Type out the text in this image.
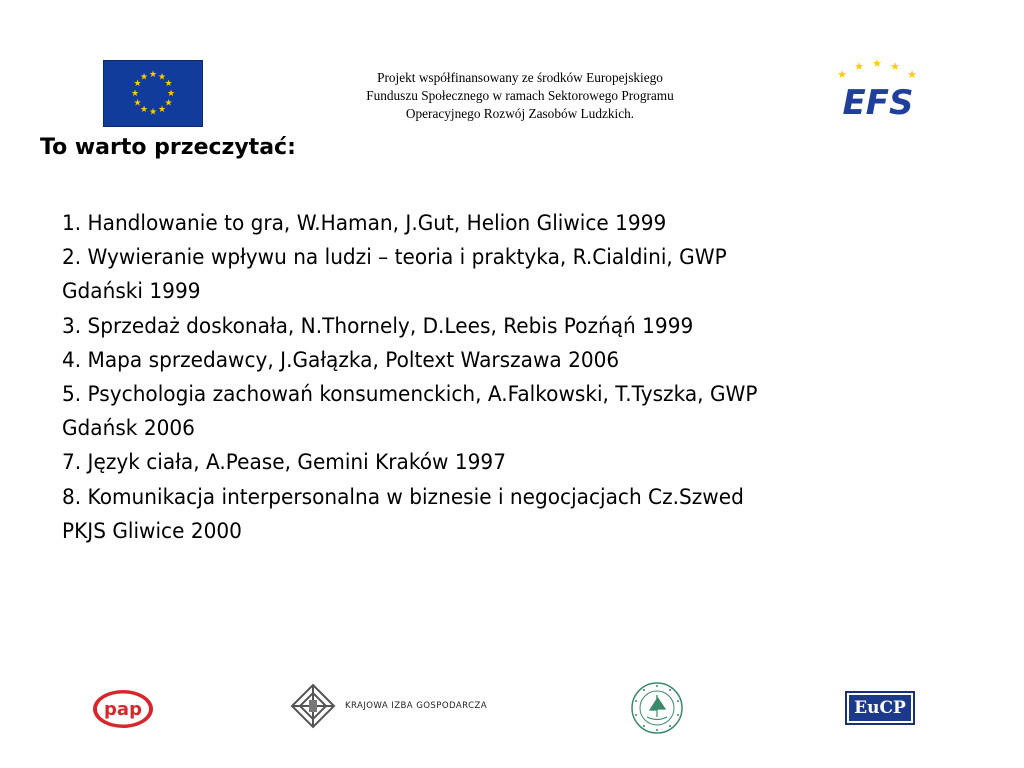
★ ★
★
★
★
★
★
★
★
★
★
★	Projekt współfinansowany ze środków Europejskiego
Funduszu Społecznego w ramach Sektorowego Programu
Operacyjnego Rozwój Zasobów Ludzkich.
★
★ ★ ★
★
EFS
To warto przeczytać:
1. Handlowanie to gra, W.Haman, J.Gut, Helion Gliwice 1999
2. Wywieranie wpływu na ludzi – teoria i praktyka, R.Cialdini, GWP
Gdański 1999
3. Sprzedaż doskonała, N.Thornely, D.Lees, Rebis Pozńąń 1999
4. Mapa sprzedawcy, J.Gałązka, Poltext Warszawa 2006
5. Psychologia zachowań konsumenckich, A.Falkowski, T.Tyszka, GWP
Gdańsk 2006
7. Język ciała, A.Pease, Gemini Kraków 1997
8. Komunikacja interpersonalna w biznesie i negocjacjach Cz.Szwed
PKJS Gliwice 2000
pap	KRAJOWA IZBA GOSPODARCZA	EuCP
